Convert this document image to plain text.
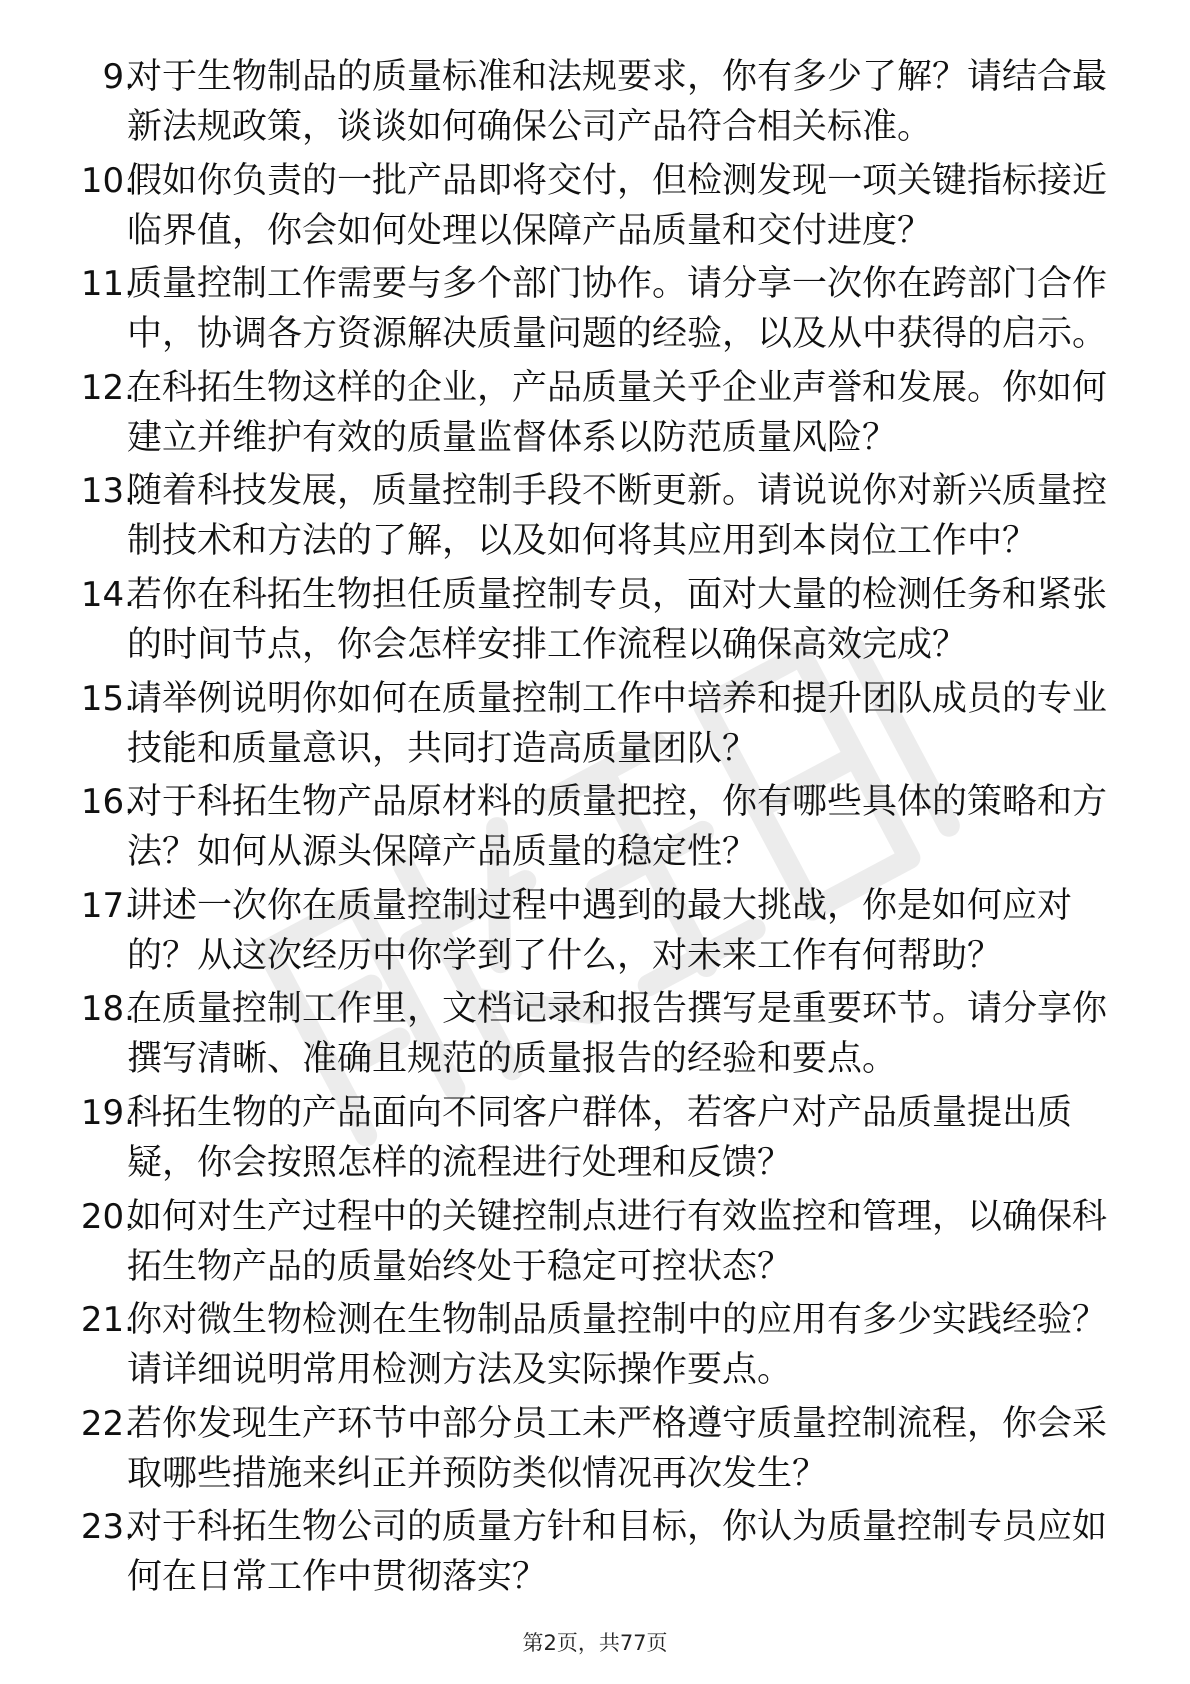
9.
对于生物制品的质量标准和法规要求，你有多少了解？请结合最新法规政策，谈谈如何确保公司产品符合相关标准。
10.
假如你负责的一批产品即将交付，但检测发现一项关键指标接近临界值，你会如何处理以保障产品质量和交付进度？
11.
质量控制工作需要与多个部门协作。请分享一次你在跨部门合作中，协调各方资源解决质量问题的经验，以及从中获得的启示。
12.
在科拓生物这样的企业，产品质量关乎企业声誉和发展。你如何建立并维护有效的质量监督体系以防范质量风险？
13.
随着科技发展，质量控制手段不断更新。请说说你对新兴质量控制技术和方法的了解，以及如何将其应用到本岗位工作中？
14.
若你在科拓生物担任质量控制专员，面对大量的检测任务和紧张的时间节点，你会怎样安排工作流程以确保高效完成？
15.
请举例说明你如何在质量控制工作中培养和提升团队成员的专业技能和质量意识，共同打造高质量团队？
16.
对于科拓生物产品原材料的质量把控，你有哪些具体的策略和方法？如何从源头保障产品质量的稳定性？
17.
讲述一次你在质量控制过程中遇到的最大挑战，你是如何应对的？从这次经历中你学到了什么，对未来工作有何帮助？
18.
在质量控制工作里，文档记录和报告撰写是重要环节。请分享你撰写清晰、准确且规范的质量报告的经验和要点。
19.
科拓生物的产品面向不同客户群体，若客户对产品质量提出质疑，你会按照怎样的流程进行处理和反馈？
20.
如何对生产过程中的关键控制点进行有效监控和管理，以确保科拓生物产品的质量始终处于稳定可控状态？
21.
你对微生物检测在生物制品质量控制中的应用有多少实践经验？请详细说明常用检测方法及实际操作要点。
22.
若你发现生产环节中部分员工未严格遵守质量控制流程，你会采取哪些措施来纠正并预防类似情况再次发生？
23.
对于科拓生物公司的质量方针和目标，你认为质量控制专员应如何在日常工作中贯彻落实？
第2页，共77页
